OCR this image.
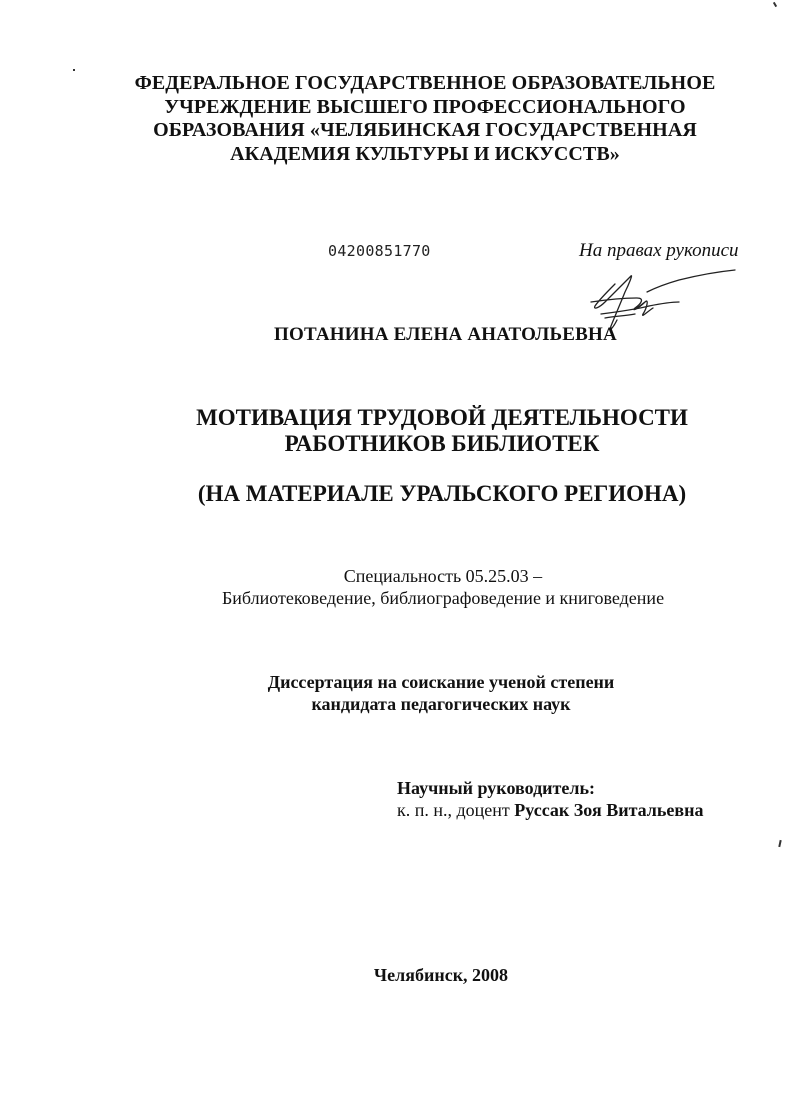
ФЕДЕРАЛЬНОЕ ГОСУДАРСТВЕННОЕ ОБРАЗОВАТЕЛЬНОЕ
УЧРЕЖДЕНИЕ ВЫСШЕГО ПРОФЕССИОНАЛЬНОГО
ОБРАЗОВАНИЯ «ЧЕЛЯБИНСКАЯ ГОСУДАРСТВЕННАЯ
АКАДЕМИЯ КУЛЬТУРЫ И ИСКУССТВ»
04200851770	На правах рукописи
ПОТАНИНА ЕЛЕНА АНАТОЛЬЕВНА
МОТИВАЦИЯ ТРУДОВОЙ ДЕЯТЕЛЬНОСТИ
РАБОТНИКОВ БИБЛИОТЕК
(НА МАТЕРИАЛЕ УРАЛЬСКОГО РЕГИОНА)
Специальность 05.25.03 –
Библиотековедение, библиографоведение и книговедение
Диссертация на соискание ученой степени
кандидата педагогических наук
Научный руководитель:
к. п. н., доцент Руссак Зоя Витальевна
Челябинск, 2008
